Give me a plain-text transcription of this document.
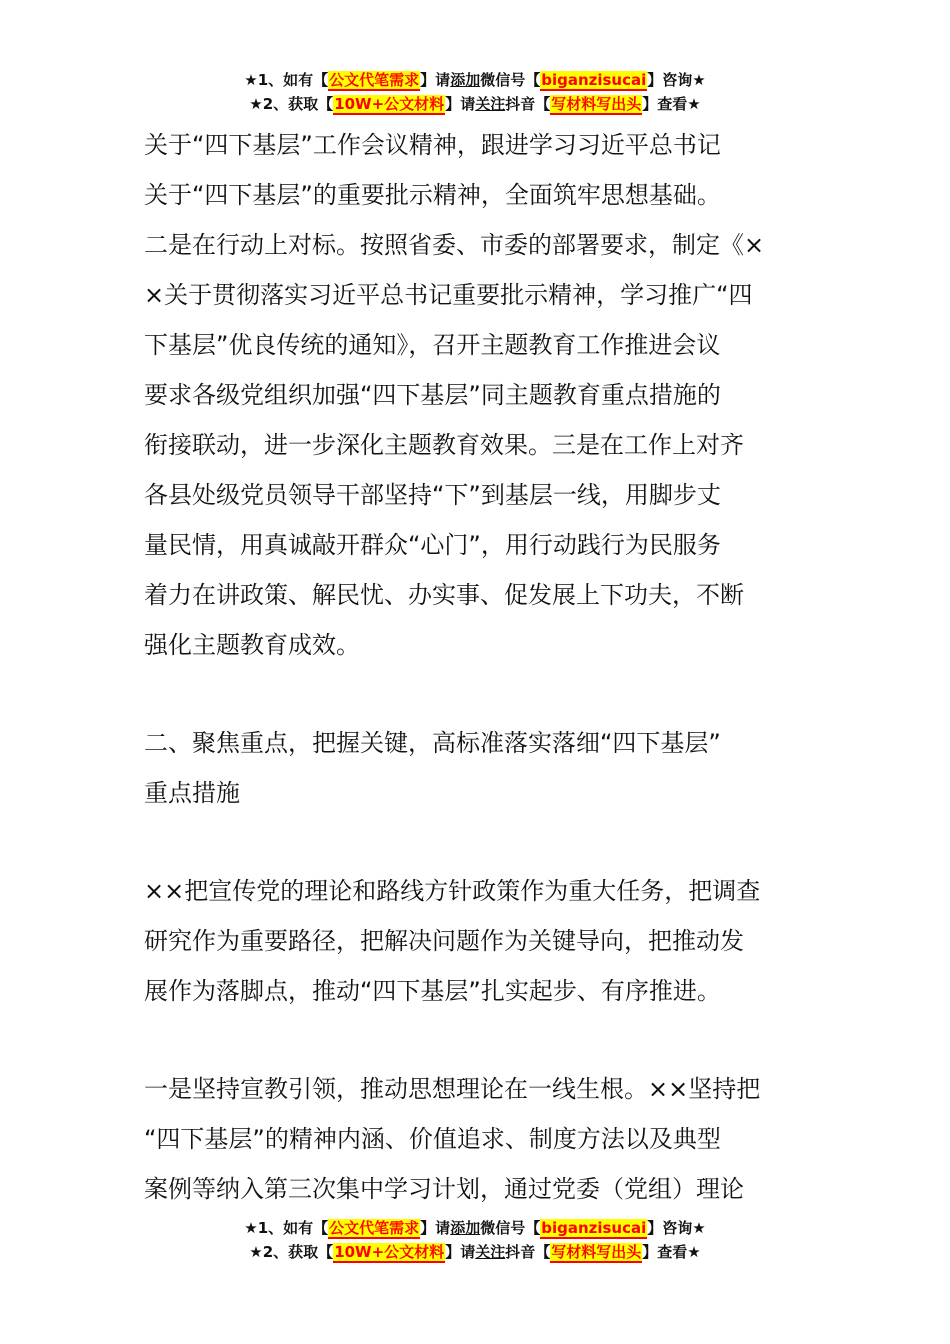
★1、如有【公文代笔需求】请添加微信号【biganzisucai】咨询★
★2、获取【10W+公文材料】请关注抖音【写材料写出头】查看★

关于“四下基层”工作会议精神，跟进学习习近平总书记

关于“四下基层”的重要批示精神，全面筑牢思想基础。

二是在行动上对标。按照省委、市委的部署要求，制定《×

×关于贯彻落实习近平总书记重要批示精神，学习推广“四

下基层”优良传统的通知》，召开主题教育工作推进会议

要求各级党组织加强“四下基层”同主题教育重点措施的

衔接联动，进一步深化主题教育效果。三是在工作上对齐

各县处级党员领导干部坚持“下”到基层一线，用脚步丈

量民情，用真诚敲开群众“心门”，用行动践行为民服务

着力在讲政策、解民忧、办实事、促发展上下功夫，不断

强化主题教育成效。

二、聚焦重点，把握关键，高标准落实落细“四下基层”

重点措施

××把宣传党的理论和路线方针政策作为重大任务，把调查

研究作为重要路径，把解决问题作为关键导向，把推动发

展作为落脚点，推动“四下基层”扎实起步、有序推进。

一是坚持宣教引领，推动思想理论在一线生根。××坚持把

“四下基层”的精神内涵、价值追求、制度方法以及典型

案例等纳入第三次集中学习计划，通过党委（党组）理论

★1、如有【公文代笔需求】请添加微信号【biganzisucai】咨询★
★2、获取【10W+公文材料】请关注抖音【写材料写出头】查看★
